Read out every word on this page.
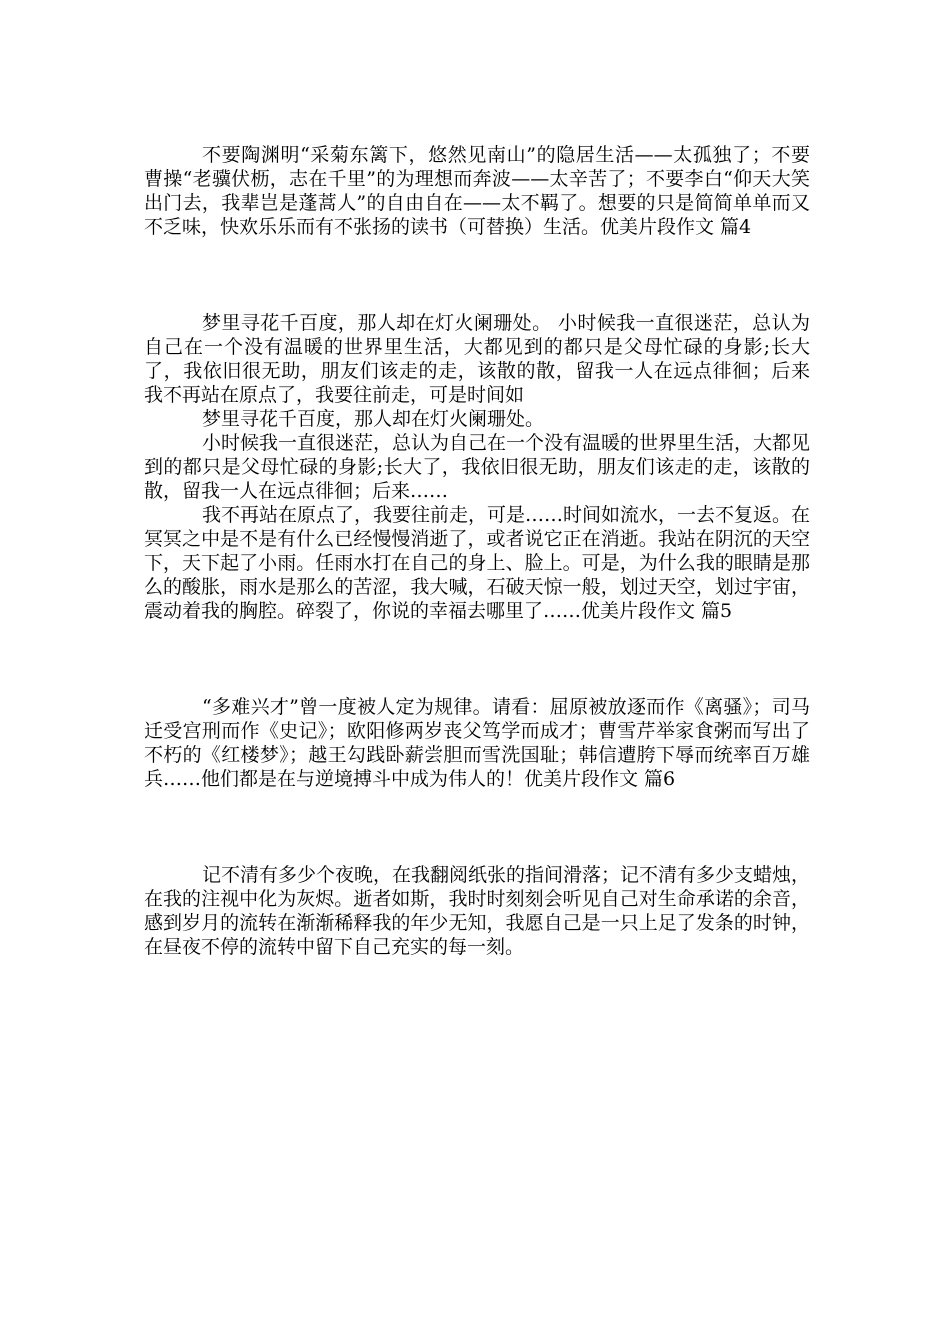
不要陶渊明“采菊东篱下，悠然见南山”的隐居生活——太孤独了；不要曹操“老骥伏枥，志在千里”的为理想而奔波——太辛苦了；不要李白“仰天大笑出门去，我辈岂是蓬蒿人”的自由自在——太不羁了。想要的只是简简单单而又不乏味，快欢乐乐而有不张扬的读书（可替换）生活。优美片段作文 篇4

梦里寻花千百度，那人却在灯火阑珊处。 小时候我一直很迷茫，总认为自己在一个没有温暖的世界里生活，大都见到的都只是父母忙碌的身影;长大了，我依旧很无助，朋友们该走的走，该散的散，留我一人在远点徘徊；后来 我不再站在原点了，我要往前走，可是时间如

梦里寻花千百度，那人却在灯火阑珊处。

小时候我一直很迷茫，总认为自己在一个没有温暖的世界里生活，大都见到的都只是父母忙碌的身影;长大了，我依旧很无助，朋友们该走的走，该散的散，留我一人在远点徘徊；后来……

我不再站在原点了，我要往前走，可是……时间如流水，一去不复返。在冥冥之中是不是有什么已经慢慢消逝了，或者说它正在消逝。我站在阴沉的天空下，天下起了小雨。任雨水打在自己的身上、脸上。可是，为什么我的眼睛是那么的酸胀，雨水是那么的苦涩，我大喊，石破天惊一般，划过天空，划过宇宙，震动着我的胸腔。碎裂了，你说的幸福去哪里了……优美片段作文 篇5

“多难兴才”曾一度被人定为规律。请看：屈原被放逐而作《离骚》；司马迁受宫刑而作《史记》；欧阳修两岁丧父笃学而成才；曹雪芹举家食粥而写出了不朽的《红楼梦》；越王勾践卧薪尝胆而雪洗国耻；韩信遭胯下辱而统率百万雄兵……他们都是在与逆境搏斗中成为伟人的！优美片段作文 篇6

记不清有多少个夜晚，在我翻阅纸张的指间滑落；记不清有多少支蜡烛，在我的注视中化为灰烬。逝者如斯，我时时刻刻会听见自己对生命承诺的余音，感到岁月的流转在渐渐稀释我的年少无知，我愿自己是一只上足了发条的时钟，在昼夜不停的流转中留下自己充实的每一刻。
